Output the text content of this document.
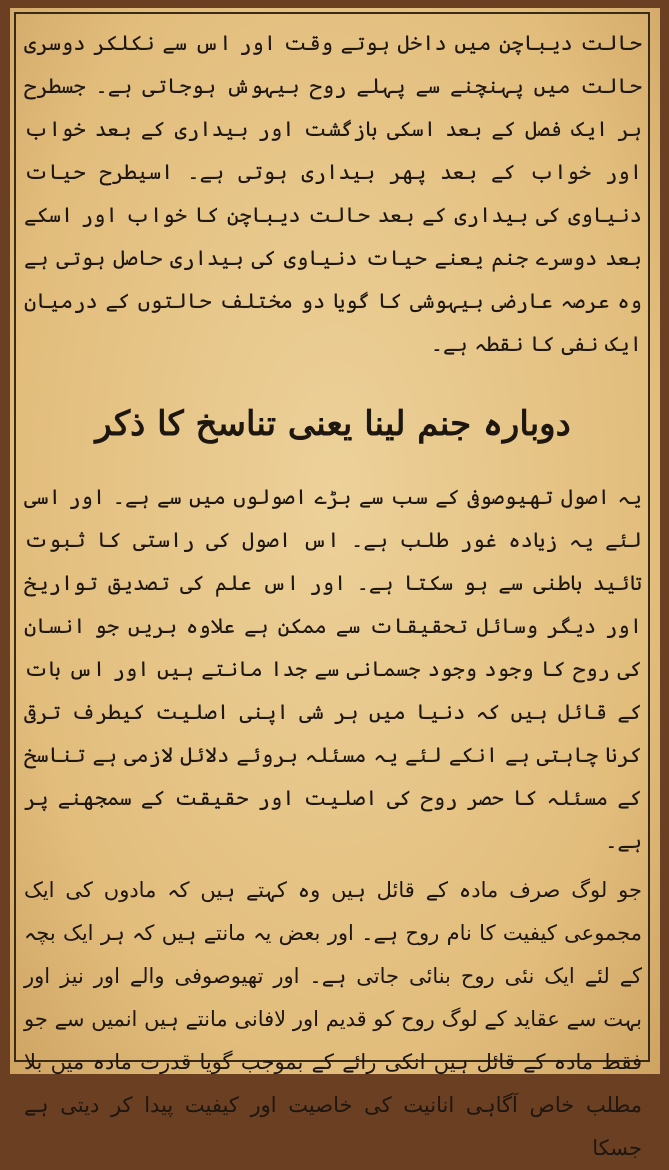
حالت دیباچن میں داخل ہوتے وقت اور اس سے نکلکر دوسری حالت میں پہنچنے سے پہلے روح بیہوش ہوجاتی ہے۔ جسطرح ہر ایک فصل کے بعد اسکی بازگشت اور بیداری کے بعد خواب اور خواب کے بعد پھر بیداری ہوتی ہے۔ اسیطرح حیات دنیاوی کی بیداری کے بعد حالت دیباچن کا خواب اور اسکے بعد دوسرے جنم یعنے حیات دنیاوی کی بیداری حاصل ہوتی ہے وہ عرصہ عارضی بیہوشی کا گویا دو مختلف حالتوں کے درمیان ایک نفی کا نقطہ ہے۔

دوبارہ جنم لینا یعنی تناسخ کا ذکر

یہ اصول تھیوصوفی کے سب سے بڑے اصولوں میں سے ہے۔ اور اسی لئے یہ زیادہ غور طلب ہے۔ اس اصول کی راستی کا ثبوت تائید باطنی سے ہو سکتا ہے۔ اور اس علم کی تصدیق تواریخ اور دیگر وسائل تحقیقات سے ممکن ہے علاوہ بریں جو انسان کی روح کا وجود وجود جسمانی سے جدا مانتے ہیں اور اس بات کے قائل ہیں کہ دنیا میں ہر شی اپنی اصلیت کیطرف ترقی کرنا چاہتی ہے انکے لئے یہ مسئلہ بروئے دلائل لازمی ہے تناسخ کے مسئلہ کا حصر روح کی اصلیت اور حقیقت کے سمجھنے پر ہے۔

جو لوگ صرف مادہ کے قائل ہیں وہ کہتے ہیں کہ مادوں کی ایک مجموعی کیفیت کا نام روح ہے۔ اور بعض یہ مانتے ہیں کہ ہر ایک بچہ کے لئے ایک نئی روح بنائی جاتی ہے۔ اور تھیوصوفی والے اور نیز اور بہت سے عقاید کے لوگ روح کو قدیم اور لافانی مانتے ہیں انمیں سے جو فقط مادہ کے قائل ہیں انکی رائے کے بموجب گویا قدرت مادہ میں بلا مطلب خاص آگاہی انانیت کی خاصیت اور کیفیت پیدا کر دیتی ہے جسکا
